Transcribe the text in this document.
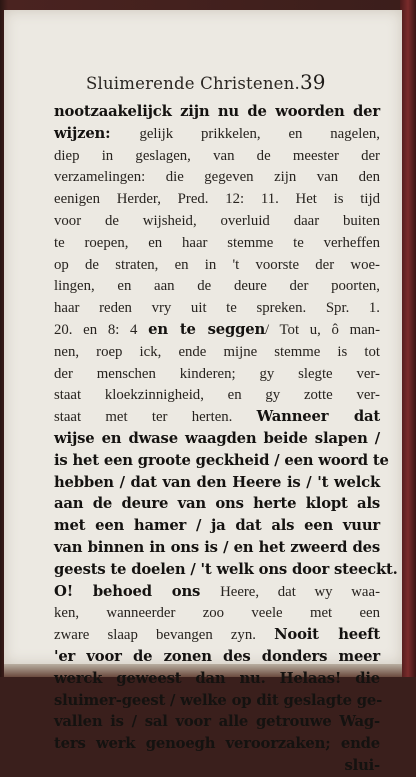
Sluimerende Christenen. 39
nootzaakelijck zijn nu de woorden der
wijzen: gelijk prikkelen, en nagelen,
diep in geslagen, van de meester der
verzamelingen: die gegeven zijn van den
eenigen Herder, Pred. 12: 11. Het is tijd
voor de wijsheid, overluid daar buiten
te roepen, en haar stemme te verheffen
op de straten, en in 't voorste der woe-
lingen, en aan de deure der poorten,
haar reden vry uit te spreken. Spr. 1.
20. en 8: 4 en te seggen/ Tot u, ô man-
nen, roep ick, ende mijne stemme is tot
der menschen kinderen; gy slegte ver-
staat kloekzinnigheid, en gy zotte ver-
staat met ter herten. Wanneer dat
wijse en dwase waagden beide slapen /
is het een groote geckheid / een woord te
hebben / dat van den Heere is / 't welck
aan de deure van ons herte klopt als
met een hamer / ja dat als een vuur
van binnen in ons is / en het zweerd des
geests te doelen / 't welk ons door steeckt.
O! behoed ons Heere, dat wy waa-
ken, wanneerder zoo veele met een
zware slaap bevangen zyn. Nooit heeft
'er voor de zonen des donders meer
werck geweest dan nu. Helaas! die
sluimer-geest / welke op dit geslagte ge-
vallen is / sal voor alle getrouwe Wag-
ters werk genoegh veroorzaken; ende
slui-
